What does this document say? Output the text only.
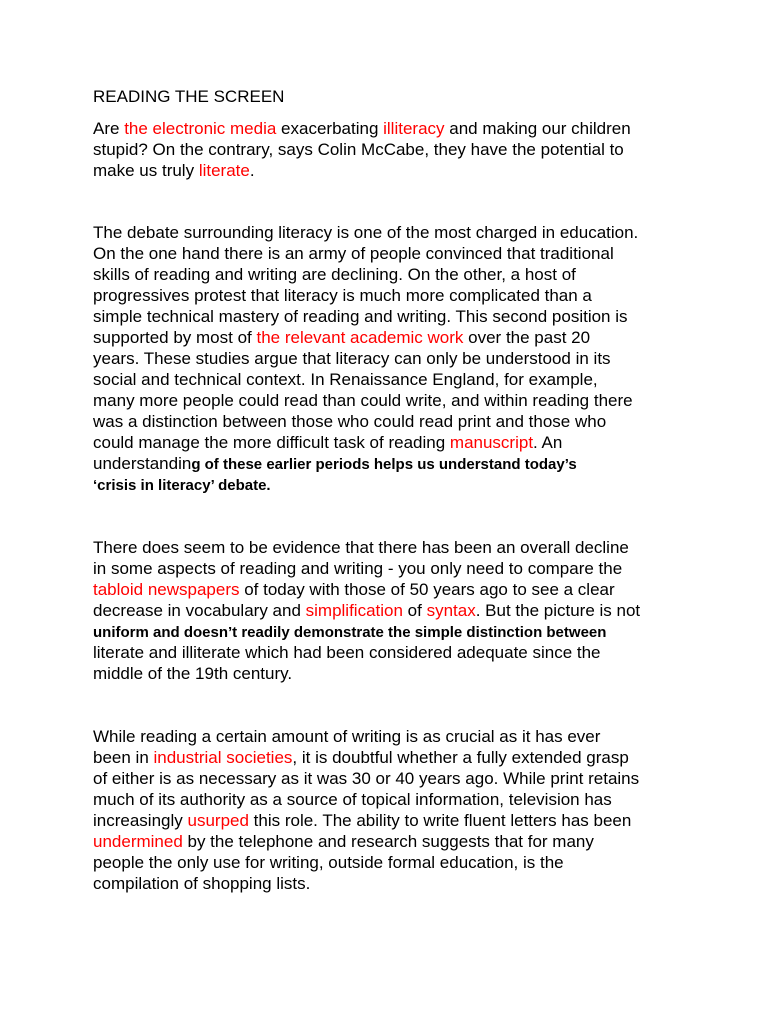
READING THE SCREEN
Are the electronic media exacerbating illiteracy and making our children
stupid? On the contrary, says Colin McCabe, they have the potential to
make us truly literate.
The debate surrounding literacy is one of the most charged in education.
On the one hand there is an army of people convinced that traditional
skills of reading and writing are declining. On the other, a host of
progressives protest that literacy is much more complicated than a
simple technical mastery of reading and writing. This second position is
supported by most of the relevant academic work over the past 20
years. These studies argue that literacy can only be understood in its
social and technical context. In Renaissance England, for example,
many more people could read than could write, and within reading there
was a distinction between those who could read print and those who
could manage the more difficult task of reading manuscript. An
understanding of these earlier periods helps us understand today’s
‘crisis in literacy’ debate.
There does seem to be evidence that there has been an overall decline
in some aspects of reading and writing - you only need to compare the
tabloid newspapers of today with those of 50 years ago to see a clear
decrease in vocabulary and simplification of syntax. But the picture is not
uniform and doesn’t readily demonstrate the simple distinction between
literate and illiterate which had been considered adequate since the
middle of the 19th century.
While reading a certain amount of writing is as crucial as it has ever
been in industrial societies, it is doubtful whether a fully extended grasp
of either is as necessary as it was 30 or 40 years ago. While print retains
much of its authority as a source of topical information, television has
increasingly usurped this role. The ability to write fluent letters has been
undermined by the telephone and research suggests that for many
people the only use for writing, outside formal education, is the
compilation of shopping lists.
